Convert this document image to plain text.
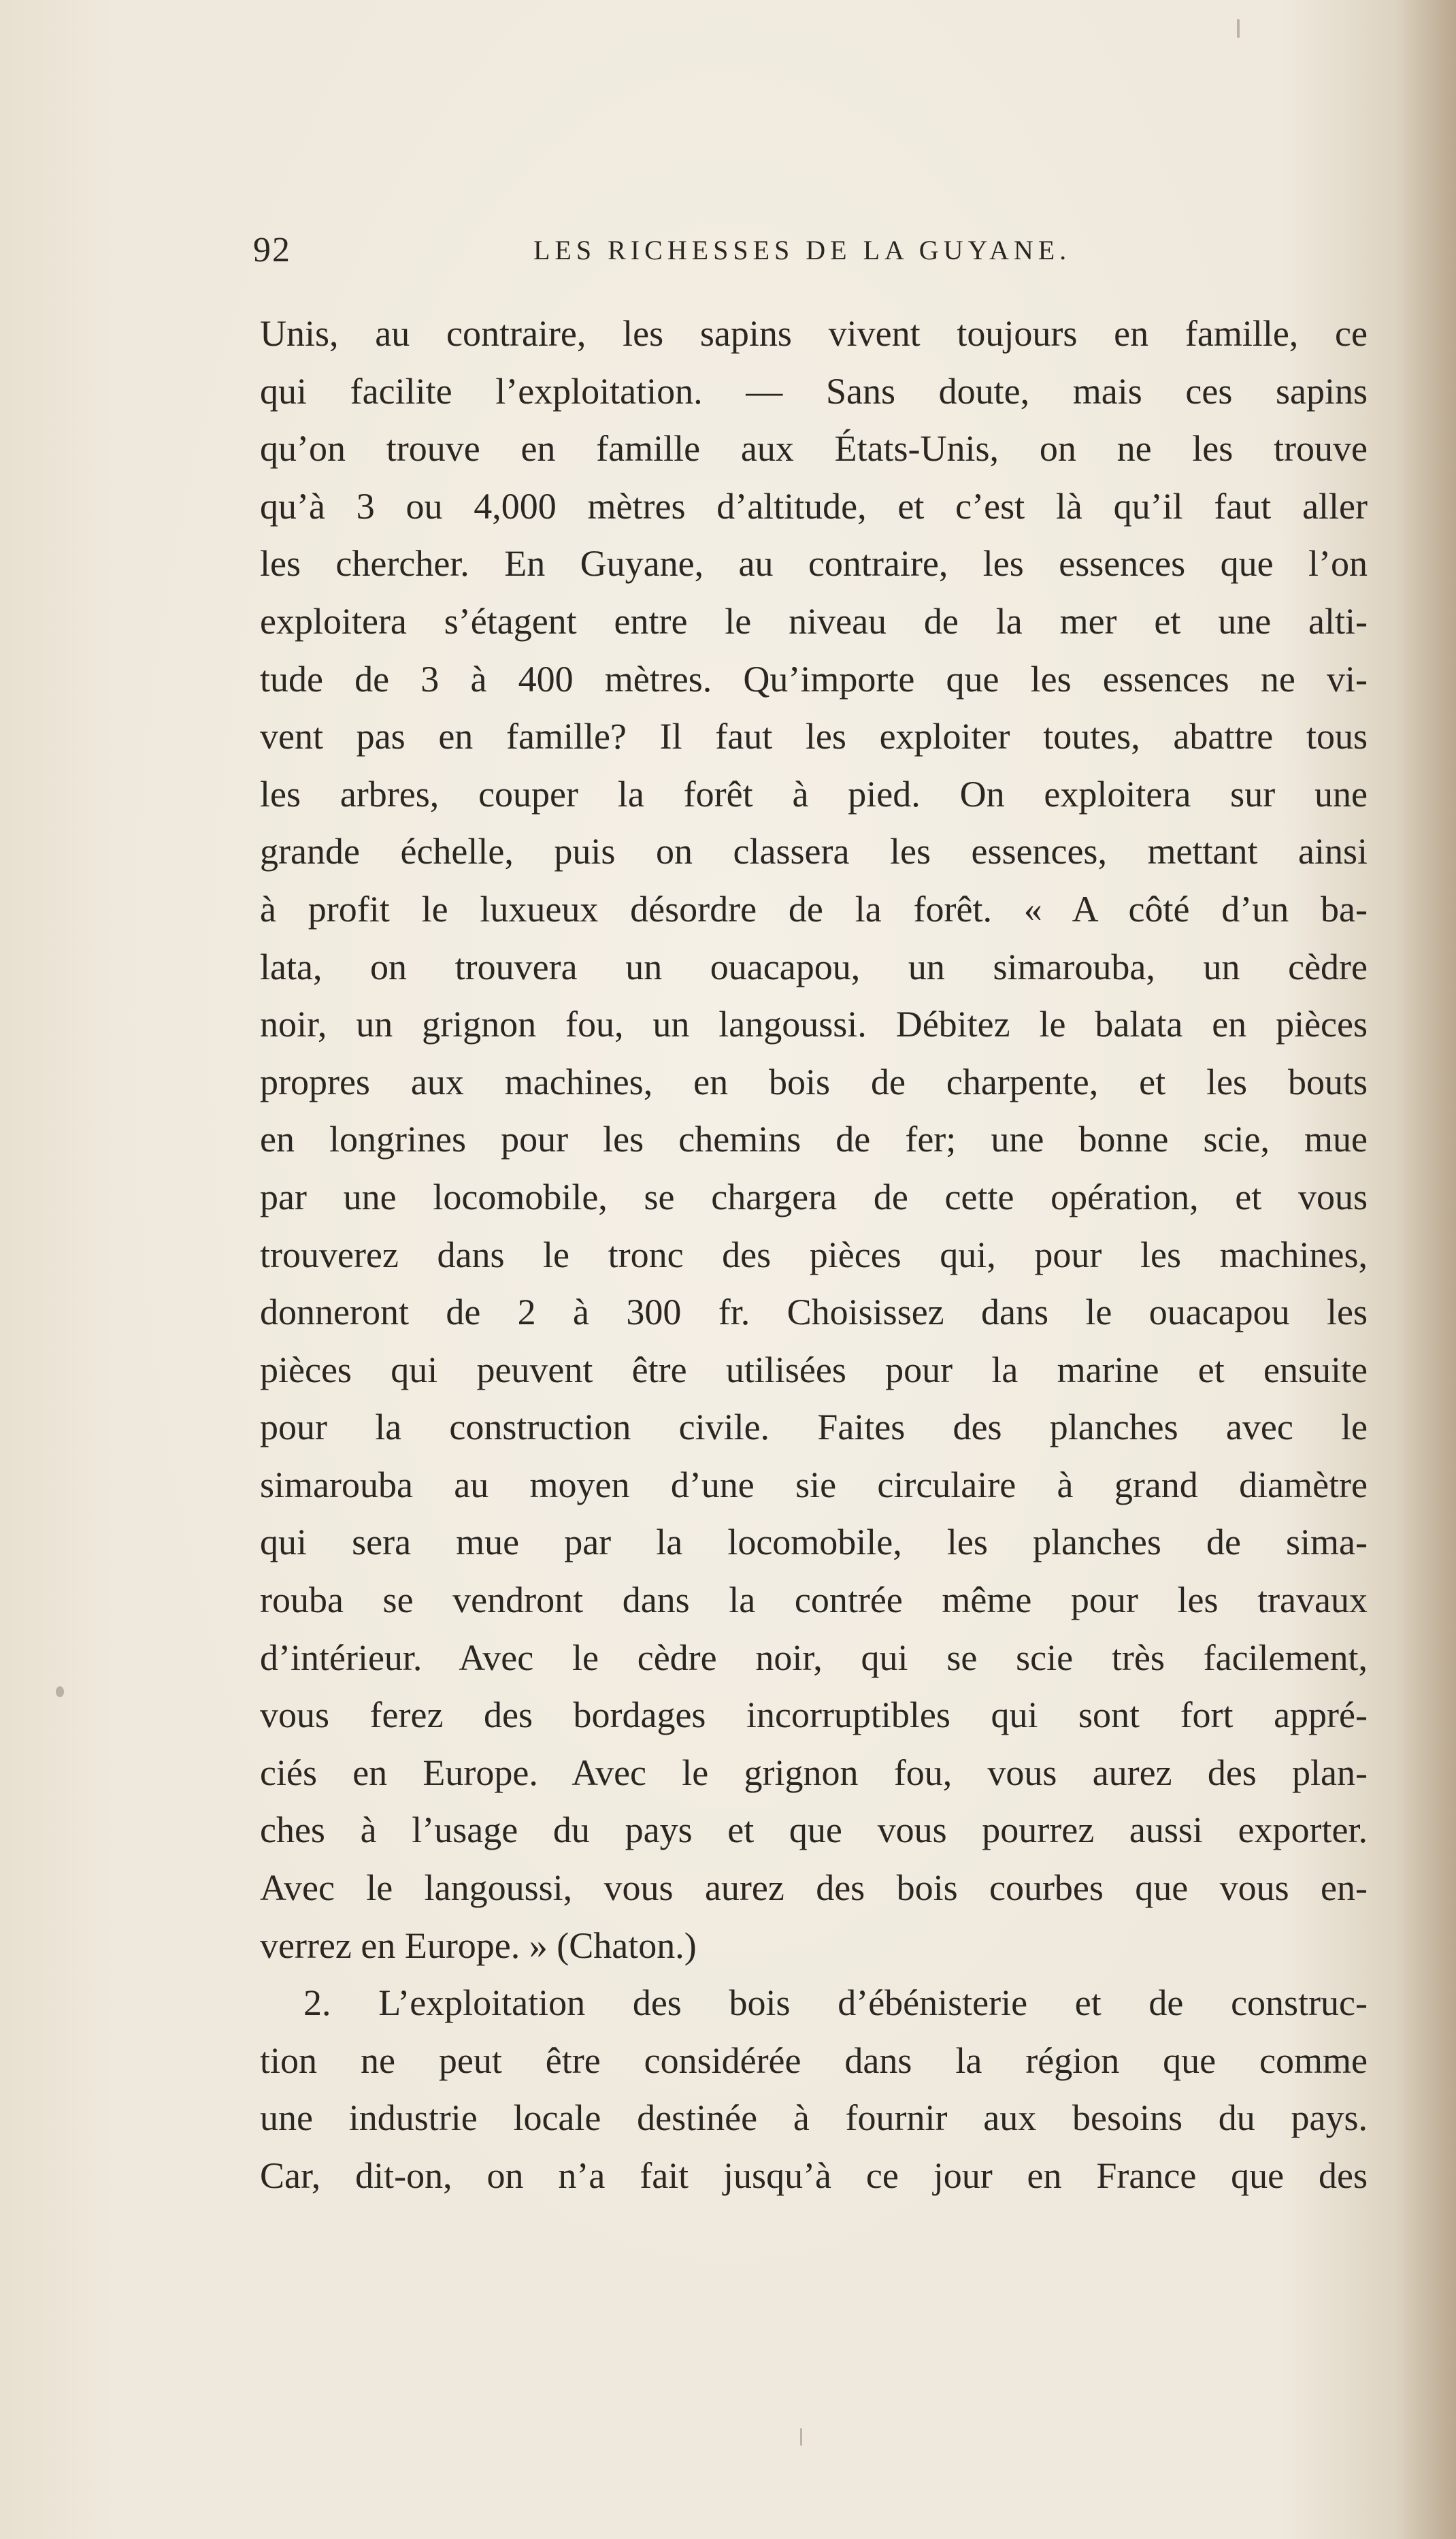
92	LES RICHESSES DE LA GUYANE.
Unis, au contraire, les sapins vivent toujours en famille, ce
qui facilite l’exploitation. — Sans doute, mais ces sapins
qu’on trouve en famille aux États-Unis, on ne les trouve
qu’à 3 ou 4,000 mètres d’altitude, et c’est là qu’il faut aller
les chercher. En Guyane, au contraire, les essences que l’on
exploitera s’étagent entre le niveau de la mer et une alti-
tude de 3 à 400 mètres. Qu’importe que les essences ne vi-
vent pas en famille? Il faut les exploiter toutes, abattre tous
les arbres, couper la forêt à pied. On exploitera sur une
grande échelle, puis on classera les essences, mettant ainsi
à profit le luxueux désordre de la forêt. « A côté d’un ba-
lata, on trouvera un ouacapou, un simarouba, un cèdre
noir, un grignon fou, un langoussi. Débitez le balata en pièces
propres aux machines, en bois de charpente, et les bouts
en longrines pour les chemins de fer; une bonne scie, mue
par une locomobile, se chargera de cette opération, et vous
trouverez dans le tronc des pièces qui, pour les machines,
donneront de 2 à 300 fr. Choisissez dans le ouacapou les
pièces qui peuvent être utilisées pour la marine et ensuite
pour la construction civile. Faites des planches avec le
simarouba au moyen d’une sie circulaire à grand diamètre
qui sera mue par la locomobile, les planches de sima-
rouba se vendront dans la contrée même pour les travaux
d’intérieur. Avec le cèdre noir, qui se scie très facilement,
vous ferez des bordages incorruptibles qui sont fort appré-
ciés en Europe. Avec le grignon fou, vous aurez des plan-
ches à l’usage du pays et que vous pourrez aussi exporter.
Avec le langoussi, vous aurez des bois courbes que vous en-
verrez en Europe. » (Chaton.)
2. L’exploitation des bois d’ébénisterie et de construc-
tion ne peut être considérée dans la région que comme
une industrie locale destinée à fournir aux besoins du pays.
Car, dit-on, on n’a fait jusqu’à ce jour en France que des
